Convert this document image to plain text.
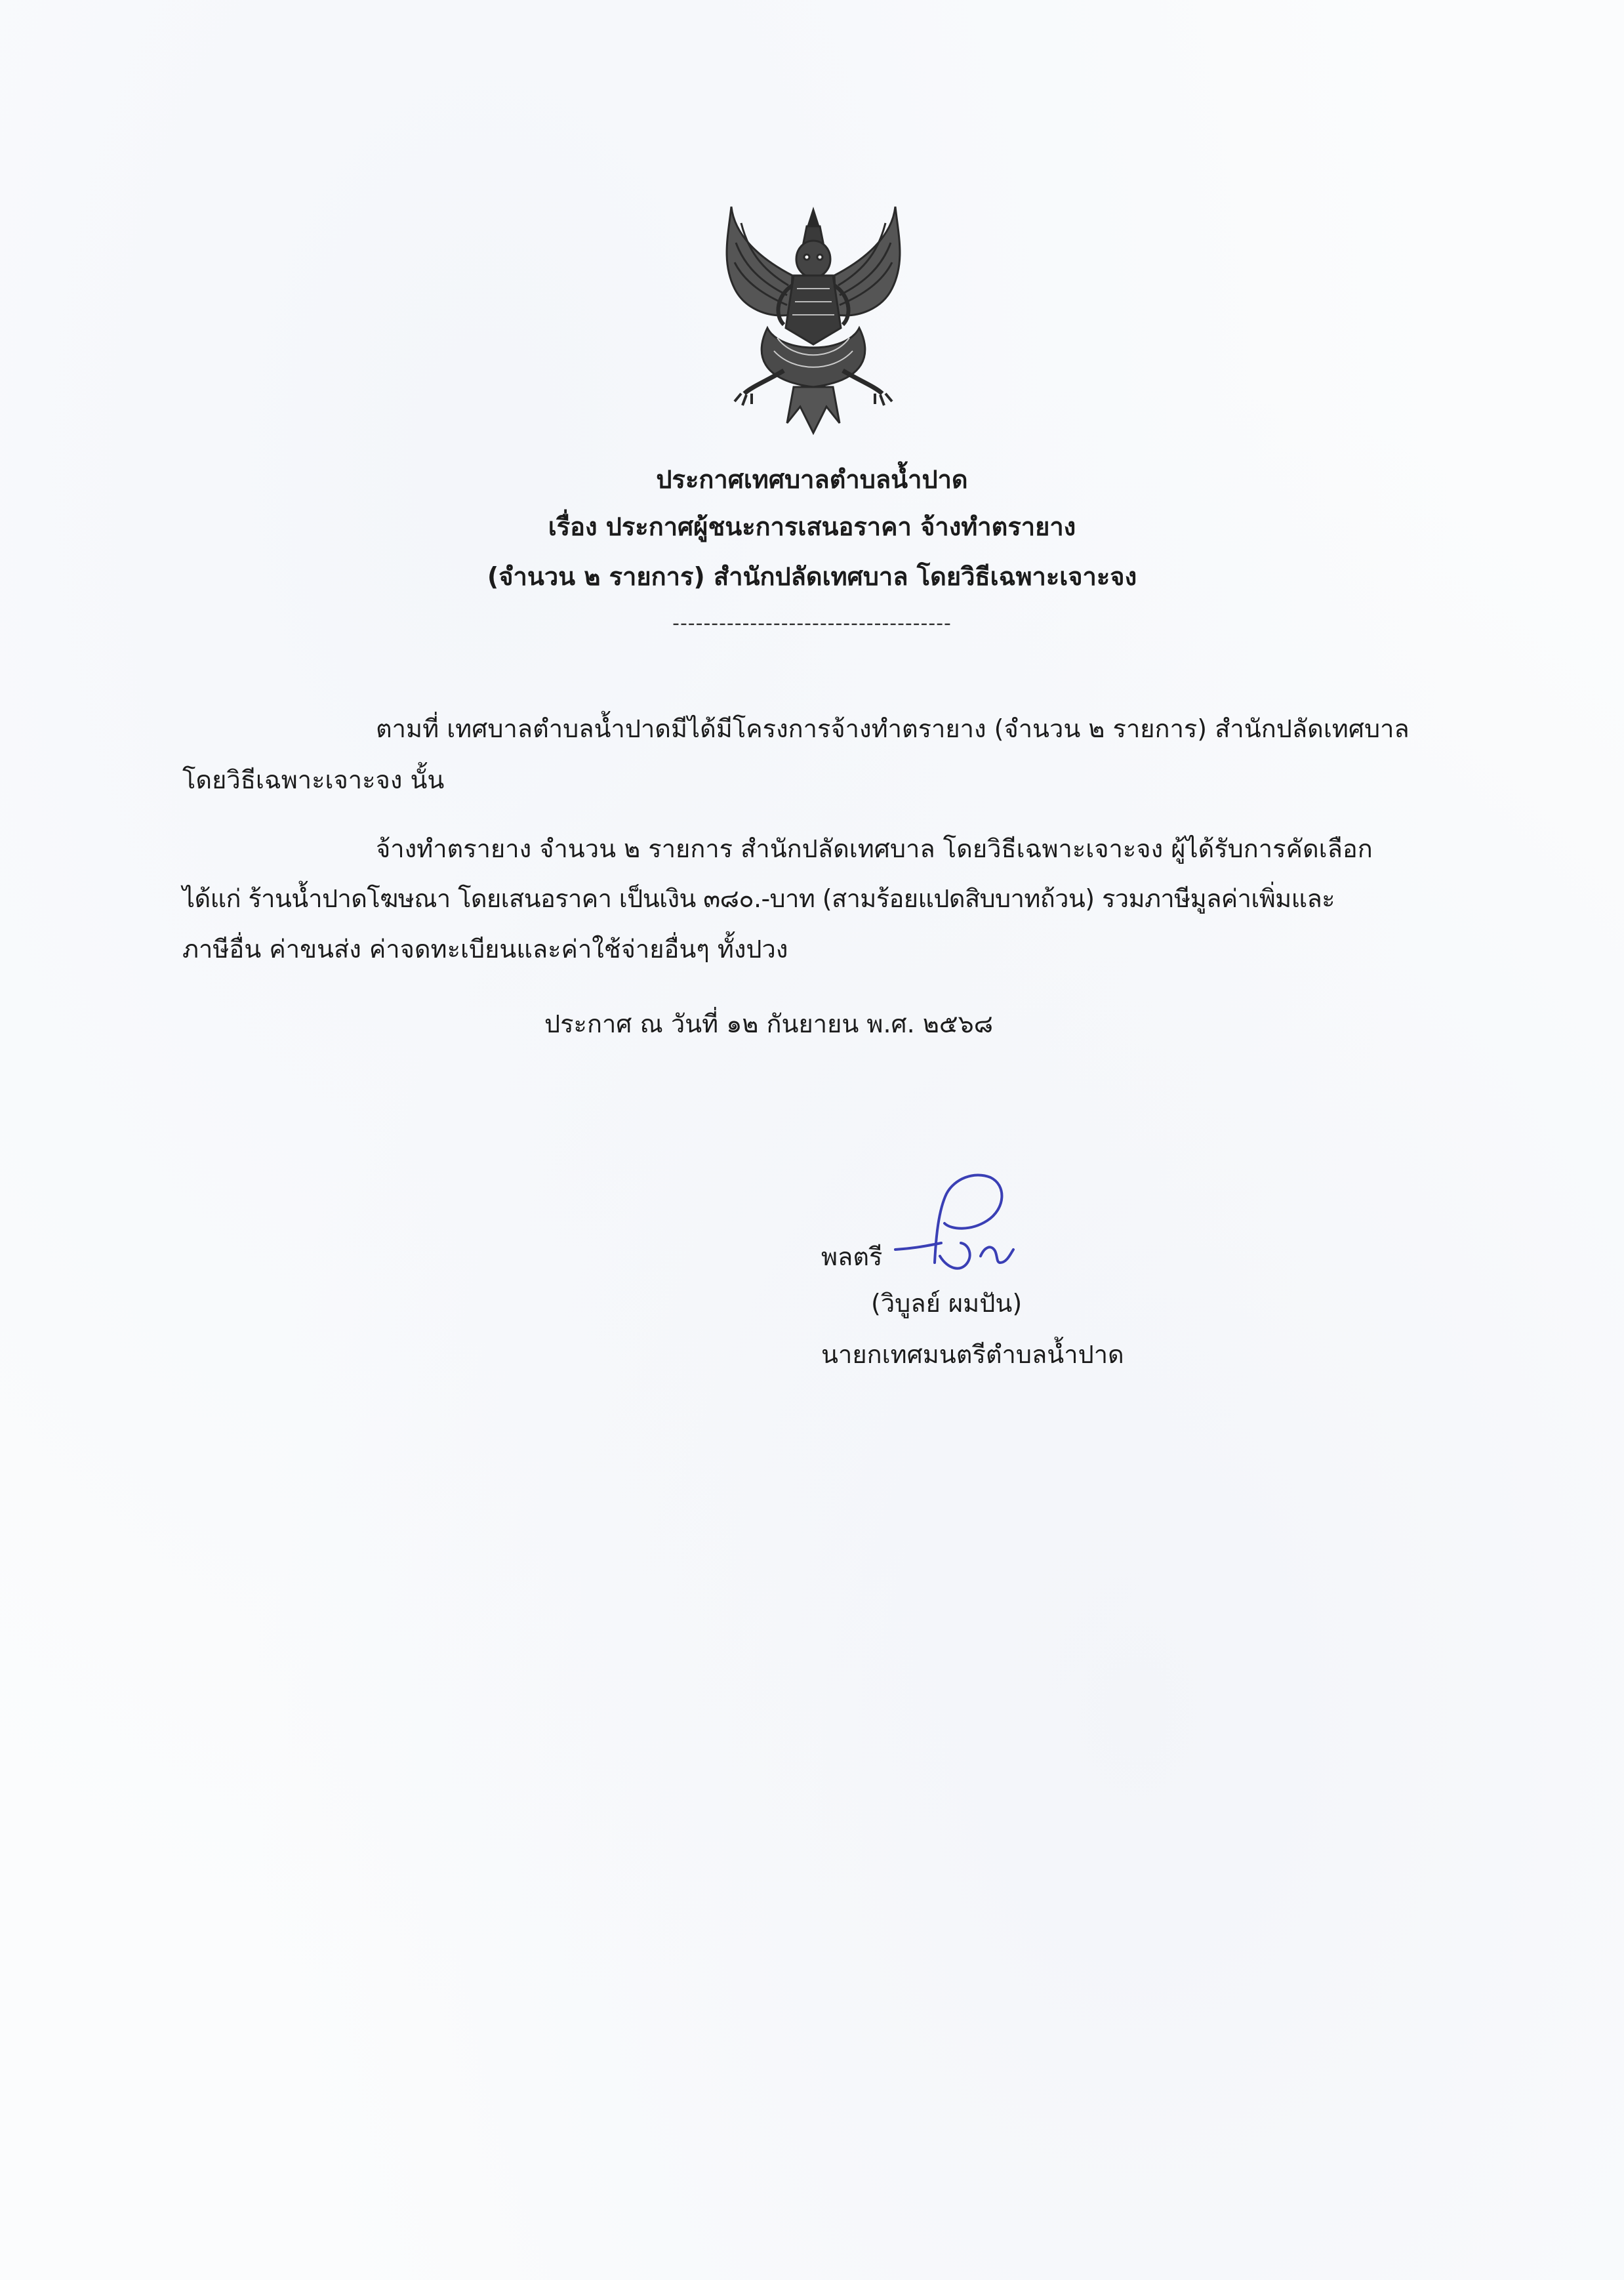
ประกาศเทศบาลตำบลน้ำปาด
เรื่อง ประกาศผู้ชนะการเสนอราคา จ้างทำตรายาง
(จำนวน ๒ รายการ) สำนักปลัดเทศบาล โดยวิธีเฉพาะเจาะจง
------------------------------------
ตามที่ เทศบาลตำบลน้ำปาดมีได้มีโครงการจ้างทำตรายาง (จำนวน ๒ รายการ) สำนักปลัดเทศบาล
โดยวิธีเฉพาะเจาะจง นั้น
จ้างทำตรายาง จำนวน ๒ รายการ สำนักปลัดเทศบาล โดยวิธีเฉพาะเจาะจง ผู้ได้รับการคัดเลือก
ได้แก่ ร้านน้ำปาดโฆษณา โดยเสนอราคา เป็นเงิน ๓๘๐.-บาท (สามร้อยแปดสิบบาทถ้วน) รวมภาษีมูลค่าเพิ่มและ
ภาษีอื่น ค่าขนส่ง ค่าจดทะเบียนและค่าใช้จ่ายอื่นๆ ทั้งปวง
ประกาศ ณ วันที่ ๑๒ กันยายน พ.ศ. ๒๕๖๘
พลตรี
(วิบูลย์ ผมปัน)
นายกเทศมนตรีตำบลน้ำปาด
